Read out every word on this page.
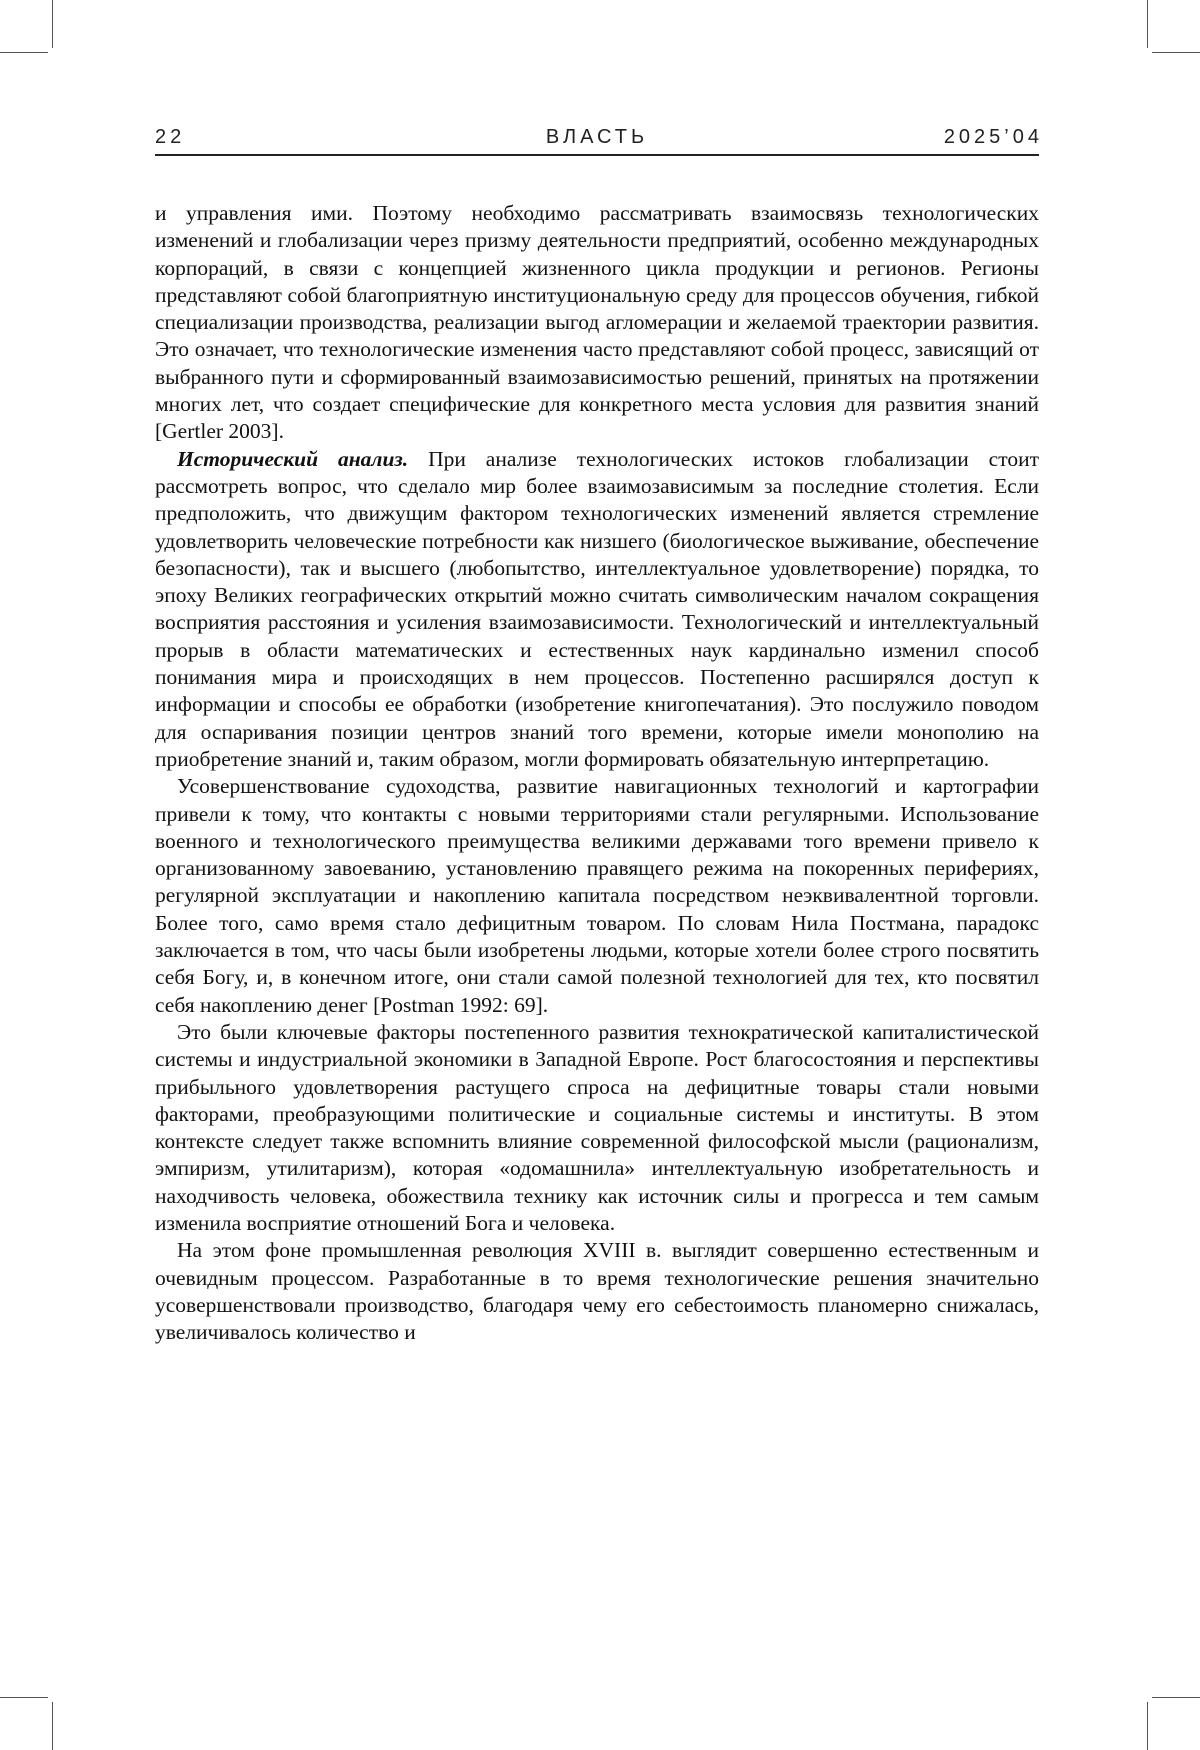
22	ВЛАСТЬ	2025’04

и управления ими. Поэтому необходимо рассматривать взаимосвязь технологических изменений и глобализации через призму деятельности предприятий, особенно международных корпораций, в связи с концепцией жизненного цикла продукции и регионов. Регионы представляют собой благоприятную институциональную среду для процессов обучения, гибкой специализации производства, реализации выгод агломерации и желаемой траектории развития. Это означает, что технологические изменения часто представляют собой процесс, зависящий от выбранного пути и сформированный взаимозависимостью решений, принятых на протяжении многих лет, что создает специфические для конкретного места условия для развития знаний [Gertler 2003].

Исторический анализ. При анализе технологических истоков глобализации стоит рассмотреть вопрос, что сделало мир более взаимозависимым за последние столетия. Если предположить, что движущим фактором технологических изменений является стремление удовлетворить человеческие потребности как низшего (биологическое выживание, обеспечение безопасности), так и высшего (любопытство, интеллектуальное удовлетворение) порядка, то эпоху Великих географических открытий можно считать символическим началом сокращения восприятия расстояния и усиления взаимозависимости. Технологический и интеллектуальный прорыв в области математических и естественных наук кардинально изменил способ понимания мира и происходящих в нем процессов. Постепенно расширялся доступ к информации и способы ее обработки (изобретение книгопечатания). Это послужило поводом для оспаривания позиции центров знаний того времени, которые имели монополию на приобретение знаний и, таким образом, могли формировать обязательную интерпретацию.

Усовершенствование судоходства, развитие навигационных технологий и картографии привели к тому, что контакты с новыми территориями стали регулярными. Использование военного и технологического преимущества великими державами того времени привело к организованному завоеванию, установлению правящего режима на покоренных перифериях, регулярной эксплуатации и накоплению капитала посредством неэквивалентной торговли. Более того, само время стало дефицитным товаром. По словам Нила Постмана, парадокс заключается в том, что часы были изобретены людьми, которые хотели более строго посвятить себя Богу, и, в конечном итоге, они стали самой полезной технологией для тех, кто посвятил себя накоплению денег [Postman 1992: 69].

Это были ключевые факторы постепенного развития технократической капиталистической системы и индустриальной экономики в Западной Европе. Рост благосостояния и перспективы прибыльного удовлетворения растущего спроса на дефицитные товары стали новыми факторами, преобразующими политические и социальные системы и институты. В этом контексте следует также вспомнить влияние современной философской мысли (рационализм, эмпиризм, утилитаризм), которая «одомашнила» интеллектуальную изобретательность и находчивость человека, обожествила технику как источник силы и прогресса и тем самым изменила восприятие отношений Бога и человека.

На этом фоне промышленная революция XVIII в. выглядит совершенно естественным и очевидным процессом. Разработанные в то время технологические решения значительно усовершенствовали производство, благодаря чему его себестоимость планомерно снижалась, увеличивалось количество и
